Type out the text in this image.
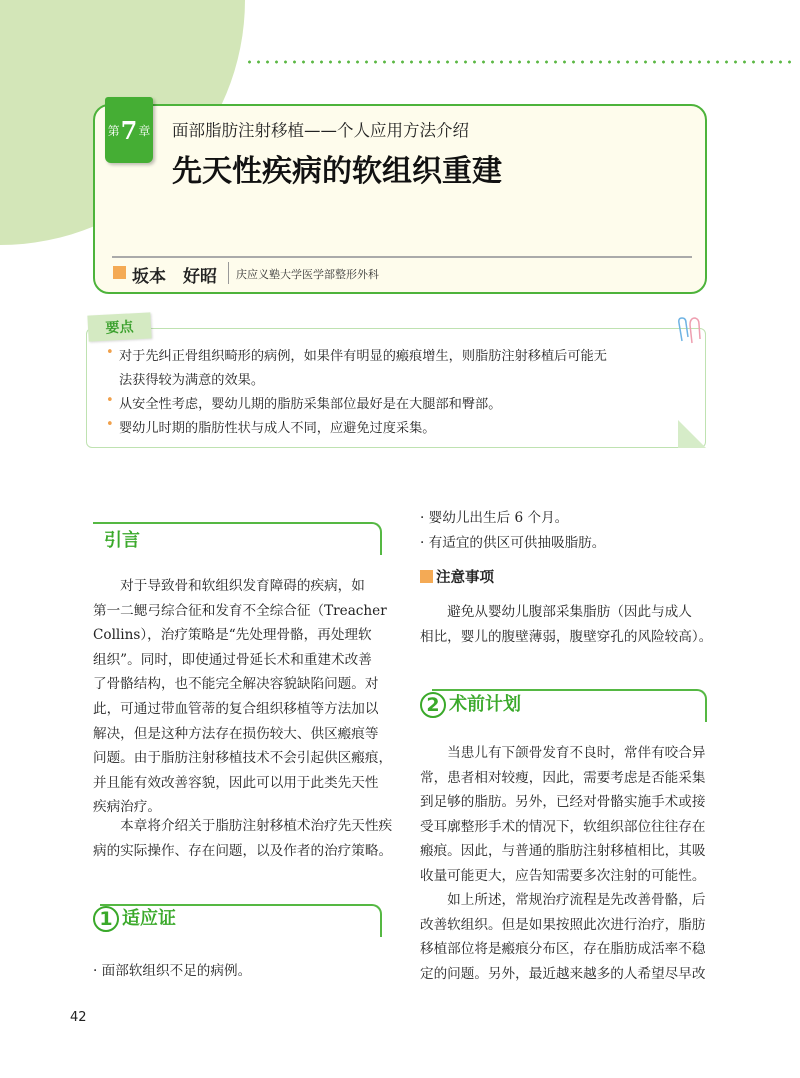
第 7 章 面部脂肪注射移植——个人应用方法介绍
先天性疾病的软组织重建
坂本　好昭 庆应义塾大学医学部整形外科
要点
• 对于先纠正骨组织畸形的病例，如果伴有明显的瘢痕增生，则脂肪注射移植后可能无
法获得较为满意的效果。
• 从安全性考虑，婴幼儿期的脂肪采集部位最好是在大腿部和臀部。
• 婴幼儿时期的脂肪性状与成人不同，应避免过度采集。
引言
　　对于导致骨和软组织发育障碍的疾病，如
第一二鳃弓综合征和发育不全综合征（Treacher
Collins），治疗策略是“先处理骨骼，再处理软
组织”。同时，即使通过骨延长术和重建术改善
了骨骼结构，也不能完全解决容貌缺陷问题。对
此，可通过带血管蒂的复合组织移植等方法加以
解决，但是这种方法存在损伤较大、供区瘢痕等
问题。由于脂肪注射移植技术不会引起供区瘢痕，
并且能有效改善容貌，因此可以用于此类先天性
疾病治疗。
　　本章将介绍关于脂肪注射移植术治疗先天性疾
病的实际操作、存在问题，以及作者的治疗策略。
1 适应证
· 面部软组织不足的病例。
· 婴幼儿出生后 6 个月。
· 有适宜的供区可供抽吸脂肪。
　　避免从婴幼儿腹部采集脂肪（因此与成人
相比，婴儿的腹壁薄弱，腹壁穿孔的风险较高）。
　　当患儿有下颌骨发育不良时，常伴有咬合异
常，患者相对较瘦，因此，需要考虑是否能采集
到足够的脂肪。另外，已经对骨骼实施手术或接
受耳廓整形手术的情况下，软组织部位往往存在
瘢痕。因此，与普通的脂肪注射移植相比，其吸
收量可能更大，应告知需要多次注射的可能性。
　　如上所述，常规治疗流程是先改善骨骼，后
改善软组织。但是如果按照此次进行治疗，脂肪
移植部位将是瘢痕分布区，存在脂肪成活率不稳
定的问题。另外，最近越来越多的人希望尽早改
注意事项
2 术前计划
42
